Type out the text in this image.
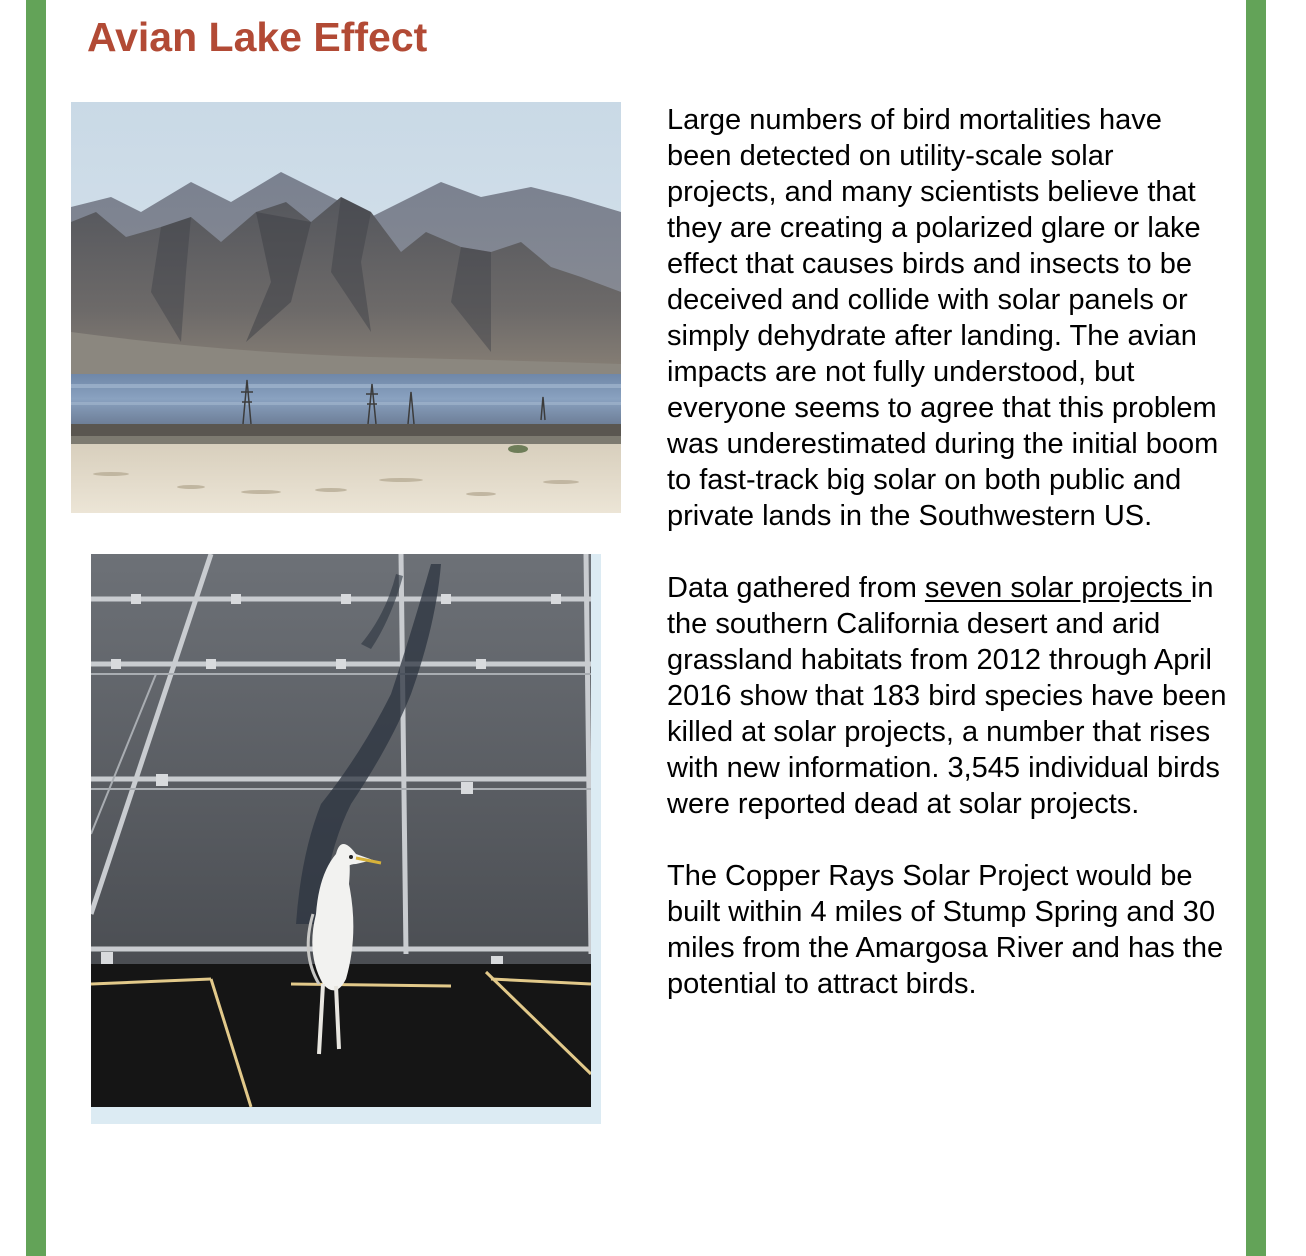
Avian Lake Effect

Large numbers of bird mortalities have been detected on utility-scale solar projects, and many scientists believe that they are creating a polarized glare or lake effect that causes birds and insects to be deceived and collide with solar panels or simply dehydrate after landing. The avian impacts are not fully understood, but everyone seems to agree that this problem was underestimated during the initial boom to fast-track big solar on both public and private lands in the Southwestern US.

Data gathered from seven solar projects in the southern California desert and arid grassland habitats from 2012 through April 2016 show that 183 bird species have been killed at solar projects, a number that rises with new information. 3,545 individual birds were reported dead at solar projects.

The Copper Rays Solar Project would be built within 4 miles of Stump Spring and 30 miles from the Amargosa River and has the potential to attract birds.
